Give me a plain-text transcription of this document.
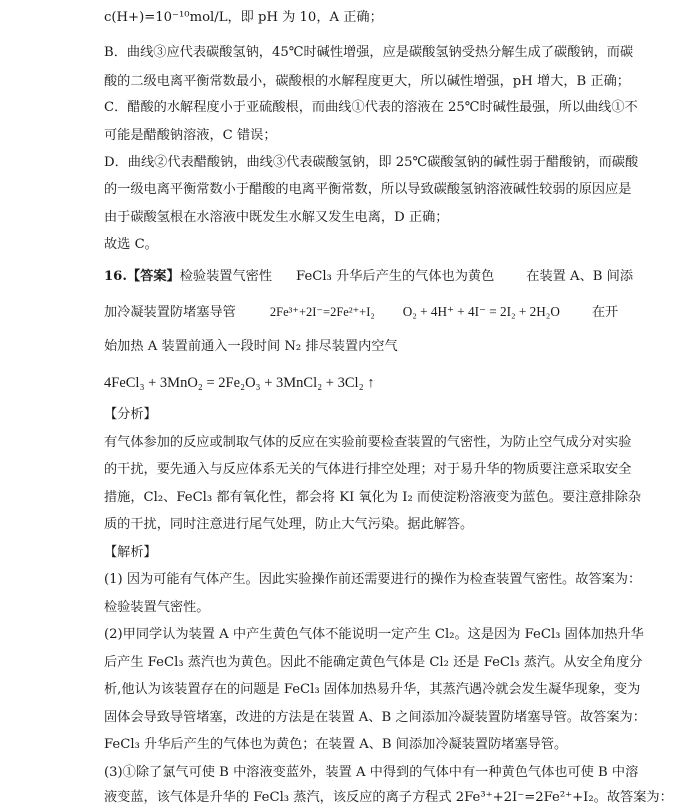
c(H+)=10⁻¹⁰mol/L，即 pH 为 10，A 正确；
B．曲线③应代表碳酸氢钠，45℃时碱性增强，应是碳酸氢钠受热分解生成了碳酸钠，而碳
酸的二级电离平衡常数最小，碳酸根的水解程度更大，所以碱性增强，pH 增大，B 正确；
C．醋酸的水解程度小于亚硫酸根，而曲线①代表的溶液在 25℃时碱性最强，所以曲线①不
可能是醋酸钠溶液，C 错误；
D．曲线②代表醋酸钠，曲线③代表碳酸氢钠，即 25℃碳酸氢钠的碱性弱于醋酸钠，而碳酸
的一级电离平衡常数小于醋酸的电离平衡常数，所以导致碳酸氢钠溶液碱性较弱的原因应是
由于碳酸氢根在水溶液中既发生水解又发生电离，D 正确；
故选 C。
16.【答案】检验装置气密性 FeCl₃ 升华后产生的气体也为黄色 在装置 A、B 间添
加冷凝装置防堵塞导管	2Fe³⁺+2I⁻=2Fe²⁺+I₂ O₂ + 4H⁺ + 4I⁻ = 2I₂ + 2H₂O 在开
始加热 A 装置前通入一段时间 N₂ 排尽装置内空气
4FeCl₃ + 3MnO₂ = 2Fe₂O₃ + 3MnCl₂ + 3Cl₂ ↑
【分析】
有气体参加的反应或制取气体的反应在实验前要检查装置的气密性，为防止空气成分对实验
的干扰，要先通入与反应体系无关的气体进行排空处理；对于易升华的物质要注意采取安全
措施，Cl₂、FeCl₃ 都有氧化性，都会将 KI 氧化为 I₂ 而使淀粉溶液变为蓝色。要注意排除杂
质的干扰，同时注意进行尾气处理，防止大气污染。据此解答。
【解析】
(1) 因为可能有气体产生。因此实验操作前还需要进行的操作为检查装置气密性。故答案为：
检验装置气密性。
(2)甲同学认为装置 A 中产生黄色气体不能说明一定产生 Cl₂。这是因为 FeCl₃ 固体加热升华
后产生 FeCl₃ 蒸汽也为黄色。因此不能确定黄色气体是 Cl₂ 还是 FeCl₃ 蒸汽。从安全角度分
析,他认为该装置存在的问题是 FeCl₃ 固体加热易升华，其蒸汽遇冷就会发生凝华现象，变为
固体会导致导管堵塞，改进的方法是在装置 A、B 之间添加冷凝装置防堵塞导管。故答案为：
FeCl₃ 升华后产生的气体也为黄色；在装置 A、B 间添加冷凝装置防堵塞导管。
(3)①除了氯气可使 B 中溶液变蓝外，装置 A 中得到的气体中有一种黄色气体也可使 B 中溶
液变蓝，该气体是升华的 FeCl₃ 蒸汽，该反应的离子方程式 2Fe³⁺+2I⁻=2Fe²⁺+I₂。故答案为：
